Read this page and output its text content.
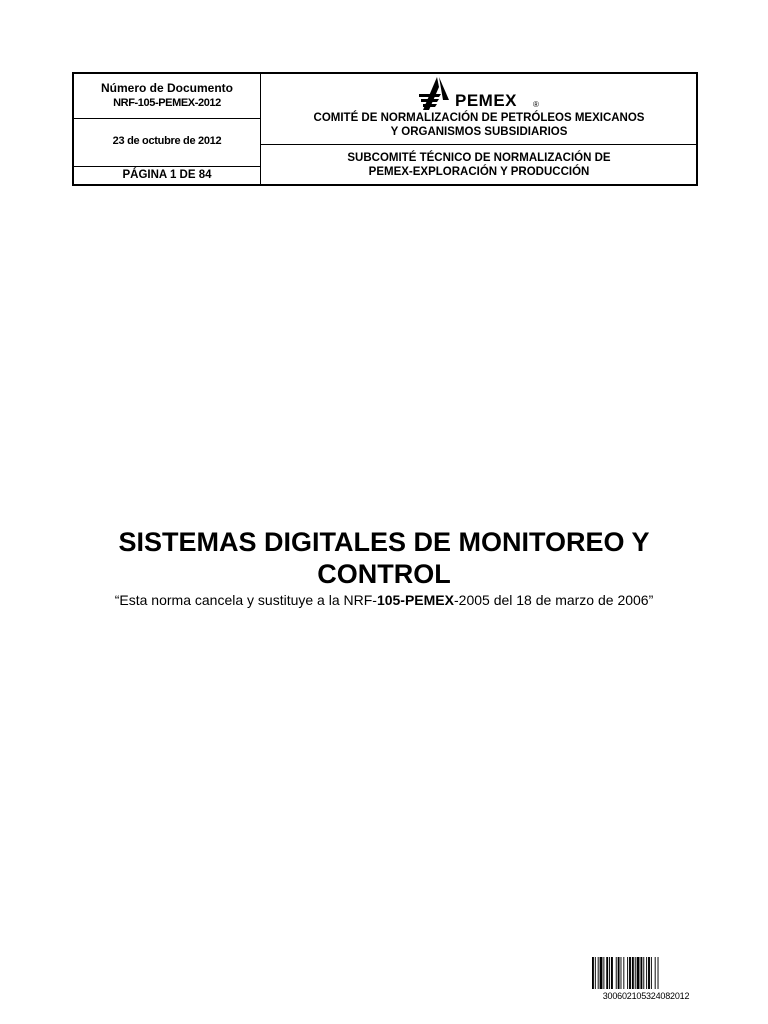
Número de Documento
NRF-105-PEMEX-2012
23 de octubre de 2012
PÁGINA 1 DE 84
PEMEX ®
COMITÉ DE NORMALIZACIÓN DE PETRÓLEOS MEXICANOS
Y ORGANISMOS SUBSIDIARIOS
SUBCOMITÉ TÉCNICO DE NORMALIZACIÓN DE
PEMEX-EXPLORACIÓN Y PRODUCCIÓN
SISTEMAS DIGITALES DE MONITOREO Y
CONTROL
“Esta norma cancela y sustituye a la NRF-105-PEMEX-2005 del 18 de marzo de 2006”
30060210532408201​2
